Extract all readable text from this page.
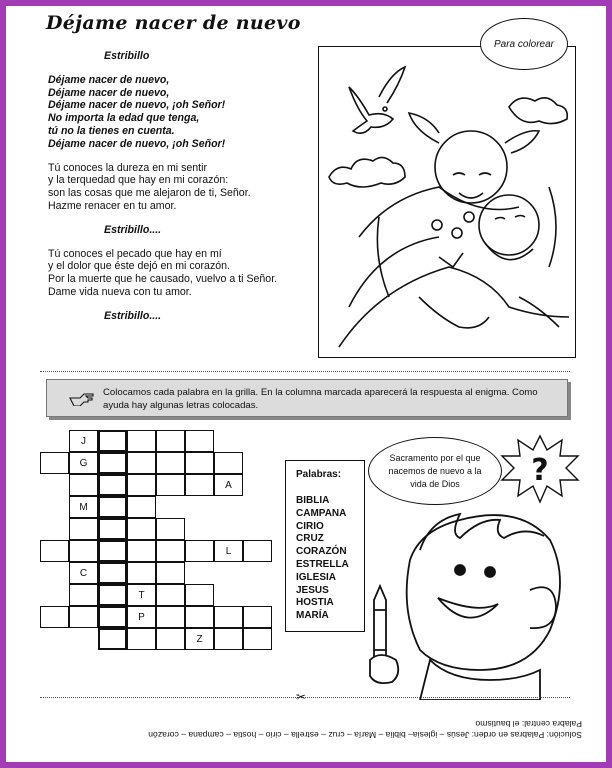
Déjame nacer de nuevo

Estribillo

Déjame nacer de nuevo,

Déjame nacer de nuevo,

Déjame nacer de nuevo, ¡oh Señor!

No importa la edad que tenga,

tú no la tienes en cuenta.

Déjame nacer de nuevo, ¡oh Señor!

Tú conoces la dureza en mi sentir

y la terquedad que hay en mi corazón:

son las cosas que me alejaron de ti, Señor.

Hazme renacer en tu amor.

Estribillo....

Tú conoces el pecado que hay en mí

y el dolor que éste dejó en mi corazón.

Por la muerte que he causado, vuelvo a ti Señor.

Dame vida nueva con tu amor.

Estribillo....

Para colorear
Colocamos cada palabra en la grilla. En la columna marcada aparecerá la respuesta al enigma. Como ayuda hay algunas letras colocadas.
J
G
A
M
L
C
T
P
Z
Palabras:
BIBLIA
CAMPANA
CIRIO
CRUZ
CORAZÓN
ESTRELLA
IGLESIA
JESUS
HOSTIA
MARÍA
Sacramento por el que nacemos de nuevo a la vida de Dios	?
✂
Solución: Palabras en orden: Jesús – iglesia– biblia – María – cruz – estrella – cirio – hostia – campana – corazón
Palabra central: el bautismo
